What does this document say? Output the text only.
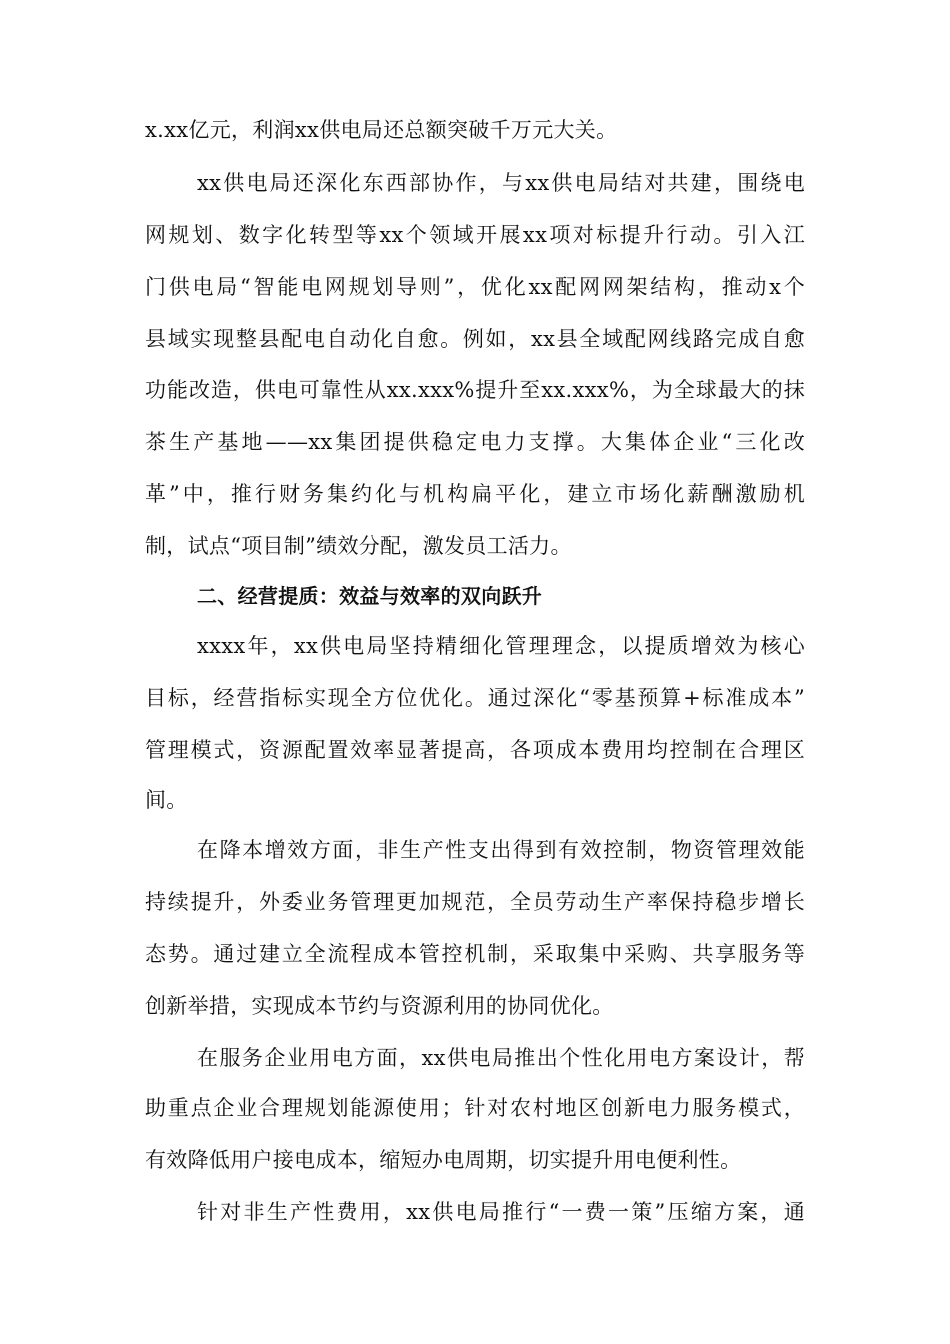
x.xx亿元，利润xx供电局还总额突破千万元大关。
xx供电局还深化东西部协作，与xx供电局结对共建，围绕电
网规划、数字化转型等xx个领域开展xx项对标提升行动。引入江
门供电局“智能电网规划导则”，优化xx配网网架结构，推动x个
县域实现整县配电自动化自愈。例如，xx县全域配网线路完成自愈
功能改造，供电可靠性从xx.xxx%提升至xx.xxx%，为全球最大的抹
茶生产基地——xx集团提供稳定电力支撑。大集体企业“三化改
革”中，推行财务集约化与机构扁平化，建立市场化薪酬激励机
制，试点“项目制”绩效分配，激发员工活力。
二、经营提质：效益与效率的双向跃升
xxxx年，xx供电局坚持精细化管理理念，以提质增效为核心
目标，经营指标实现全方位优化。通过深化“零基预算+标准成本”
管理模式，资源配置效率显著提高，各项成本费用均控制在合理区
间。
在降本增效方面，非生产性支出得到有效控制，物资管理效能
持续提升，外委业务管理更加规范，全员劳动生产率保持稳步增长
态势。通过建立全流程成本管控机制，采取集中采购、共享服务等
创新举措，实现成本节约与资源利用的协同优化。
在服务企业用电方面，xx供电局推出个性化用电方案设计，帮
助重点企业合理规划能源使用；针对农村地区创新电力服务模式，
有效降低用户接电成本，缩短办电周期，切实提升用电便利性。
针对非生产性费用，xx供电局推行“一费一策”压缩方案，通
